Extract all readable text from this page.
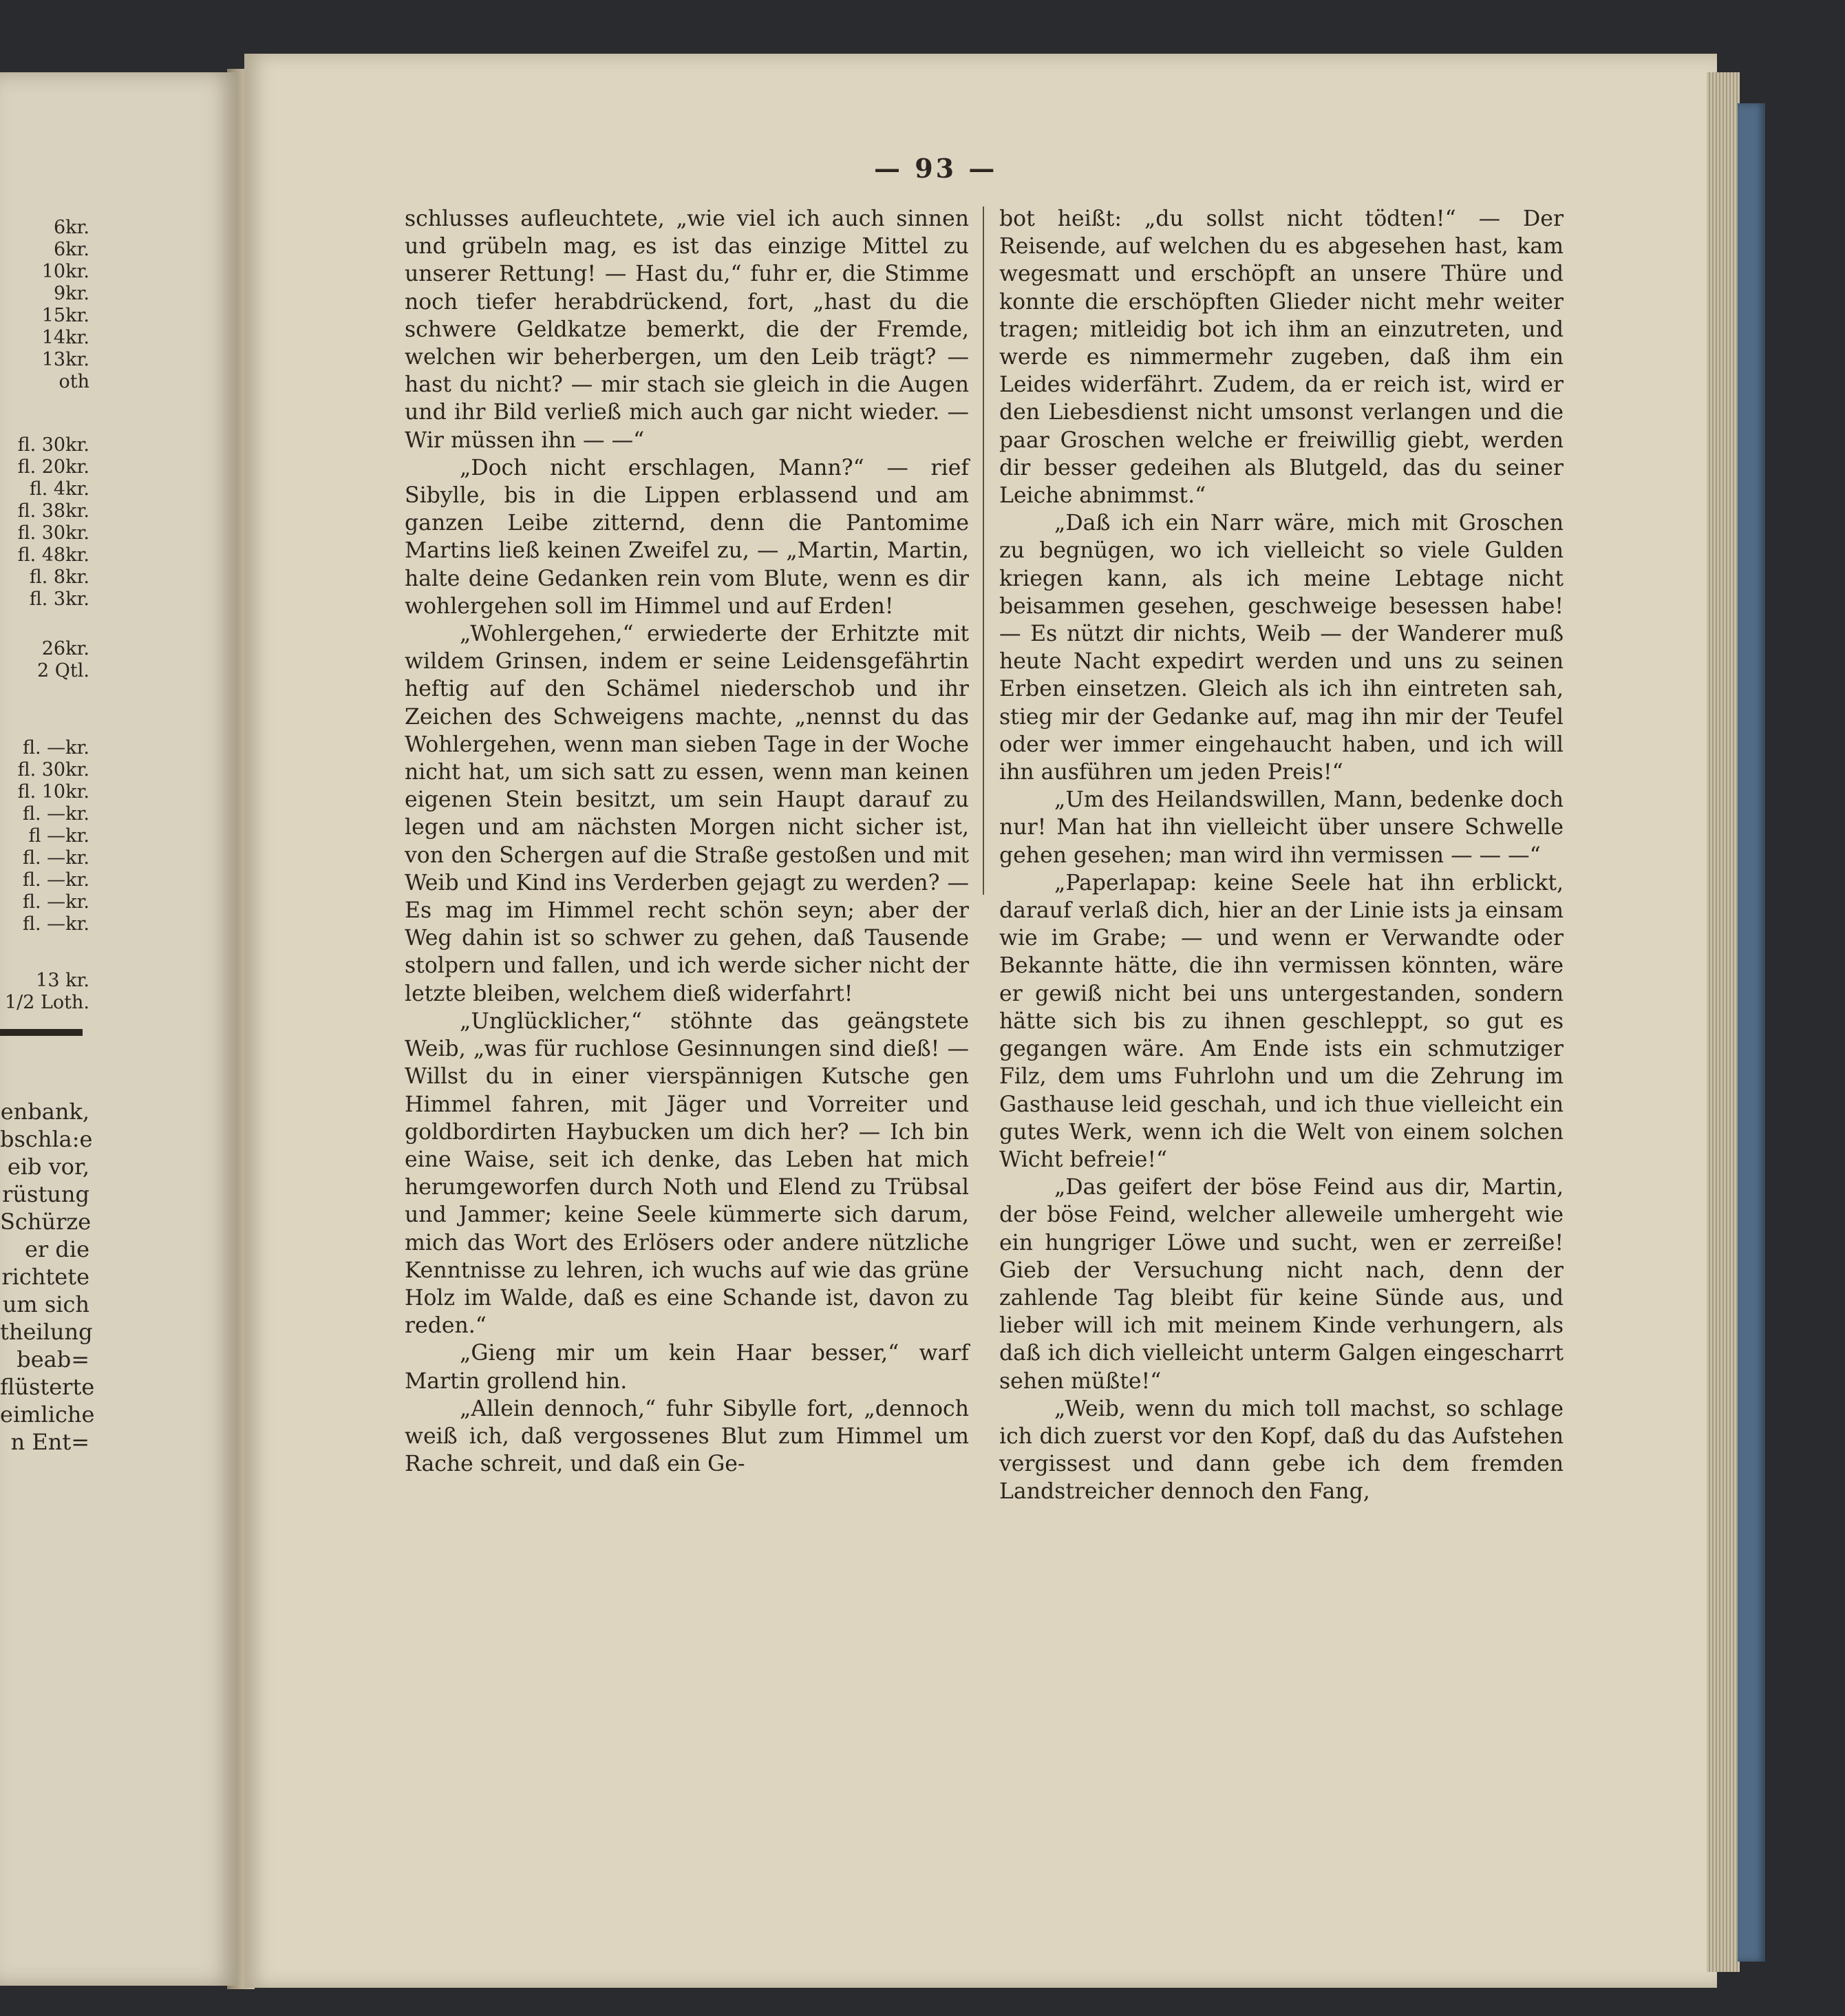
6kr.
6kr.
10kr.
9kr.
15kr.
14kr.
13kr.
oth
fl. 30kr.
fl. 20kr.
fl. 4kr.
fl. 38kr.
fl. 30kr.
fl. 48kr.
fl. 8kr.
fl. 3kr.
26kr.
2 Qtl.
fl. —kr.
fl. 30kr.
fl. 10kr.
fl. —kr.
fl —kr.
fl. —kr.
fl. —kr.
fl. —kr.
fl. —kr.
13 kr.
1/2 Loth.
enbank,
bschla:e
eib vor,
rüstung
Schürze
er die
richtete
um sich
theilung
beab=
flüsterte
eimliche
n Ent=
— 93 —

schlusses aufleuchtete, „wie viel ich auch sinnen und grübeln mag, es ist das einzige Mittel zu unserer Rettung! — Hast du,“ fuhr er, die Stimme noch tiefer herabdrückend, fort, „hast du die schwere Geldkatze bemerkt, die der Fremde, welchen wir beherbergen, um den Leib trägt? — hast du nicht? — mir stach sie gleich in die Augen und ihr Bild verließ mich auch gar nicht wieder. — Wir müssen ihn — —“

„Doch nicht erschlagen, Mann?“ — rief Sibylle, bis in die Lippen erblassend und am ganzen Leibe zitternd, denn die Pantomime Martins ließ keinen Zweifel zu, — „Martin, Martin, halte deine Gedanken rein vom Blute, wenn es dir wohlergehen soll im Himmel und auf Erden!

„Wohlergehen,“ erwiederte der Erhitzte mit wildem Grinsen, indem er seine Leidensgefährtin heftig auf den Schämel niederschob und ihr Zeichen des Schweigens machte, „nennst du das Wohlergehen, wenn man sieben Tage in der Woche nicht hat, um sich satt zu essen, wenn man keinen eigenen Stein besitzt, um sein Haupt darauf zu legen und am nächsten Morgen nicht sicher ist, von den Schergen auf die Straße gestoßen und mit Weib und Kind ins Verderben gejagt zu werden? — Es mag im Himmel recht schön seyn; aber der Weg dahin ist so schwer zu gehen, daß Tausende stolpern und fallen, und ich werde sicher nicht der letzte bleiben, welchem dieß widerfahrt!

„Unglücklicher,“ stöhnte das geängstete Weib, „was für ruchlose Gesinnungen sind dieß! — Willst du in einer vierspännigen Kutsche gen Himmel fahren, mit Jäger und Vorreiter und goldbordirten Haybucken um dich her? — Ich bin eine Waise, seit ich denke, das Leben hat mich herumgeworfen durch Noth und Elend zu Trübsal und Jammer; keine Seele kümmerte sich darum, mich das Wort des Erlösers oder andere nützliche Kenntnisse zu lehren, ich wuchs auf wie das grüne Holz im Walde, daß es eine Schande ist, davon zu reden.“

„Gieng mir um kein Haar besser,“ warf Martin grollend hin.

„Allein dennoch,“ fuhr Sibylle fort, „dennoch weiß ich, daß vergossenes Blut zum Himmel um Rache schreit, und daß ein Ge-

bot heißt: „du sollst nicht tödten!“ — Der Reisende, auf welchen du es abgesehen hast, kam wegesmatt und erschöpft an unsere Thüre und konnte die erschöpften Glieder nicht mehr weiter tragen; mitleidig bot ich ihm an einzutreten, und werde es nimmermehr zugeben, daß ihm ein Leides widerfährt. Zudem, da er reich ist, wird er den Liebesdienst nicht umsonst verlangen und die paar Groschen welche er freiwillig giebt, werden dir besser gedeihen als Blutgeld, das du seiner Leiche abnimmst.“

„Daß ich ein Narr wäre, mich mit Groschen zu begnügen, wo ich vielleicht so viele Gulden kriegen kann, als ich meine Lebtage nicht beisammen gesehen, geschweige besessen habe! — Es nützt dir nichts, Weib — der Wanderer muß heute Nacht expedirt werden und uns zu seinen Erben einsetzen. Gleich als ich ihn eintreten sah, stieg mir der Gedanke auf, mag ihn mir der Teufel oder wer immer eingehaucht haben, und ich will ihn ausführen um jeden Preis!“

„Um des Heilandswillen, Mann, bedenke doch nur! Man hat ihn vielleicht über unsere Schwelle gehen gesehen; man wird ihn vermissen — — —“

„Paperlapap: keine Seele hat ihn erblickt, darauf verlaß dich, hier an der Linie ists ja einsam wie im Grabe; — und wenn er Verwandte oder Bekannte hätte, die ihn vermissen könnten, wäre er gewiß nicht bei uns untergestanden, sondern hätte sich bis zu ihnen geschleppt, so gut es gegangen wäre. Am Ende ists ein schmutziger Filz, dem ums Fuhrlohn und um die Zehrung im Gasthause leid geschah, und ich thue vielleicht ein gutes Werk, wenn ich die Welt von einem solchen Wicht befreie!“

„Das geifert der böse Feind aus dir, Martin, der böse Feind, welcher alleweile umhergeht wie ein hungriger Löwe und sucht, wen er zerreiße! Gieb der Versuchung nicht nach, denn der zahlende Tag bleibt für keine Sünde aus, und lieber will ich mit meinem Kinde verhungern, als daß ich dich vielleicht unterm Galgen eingescharrt sehen müßte!“

„Weib, wenn du mich toll machst, so schlage ich dich zuerst vor den Kopf, daß du das Aufstehen vergissest und dann gebe ich dem fremden Landstreicher dennoch den Fang,
